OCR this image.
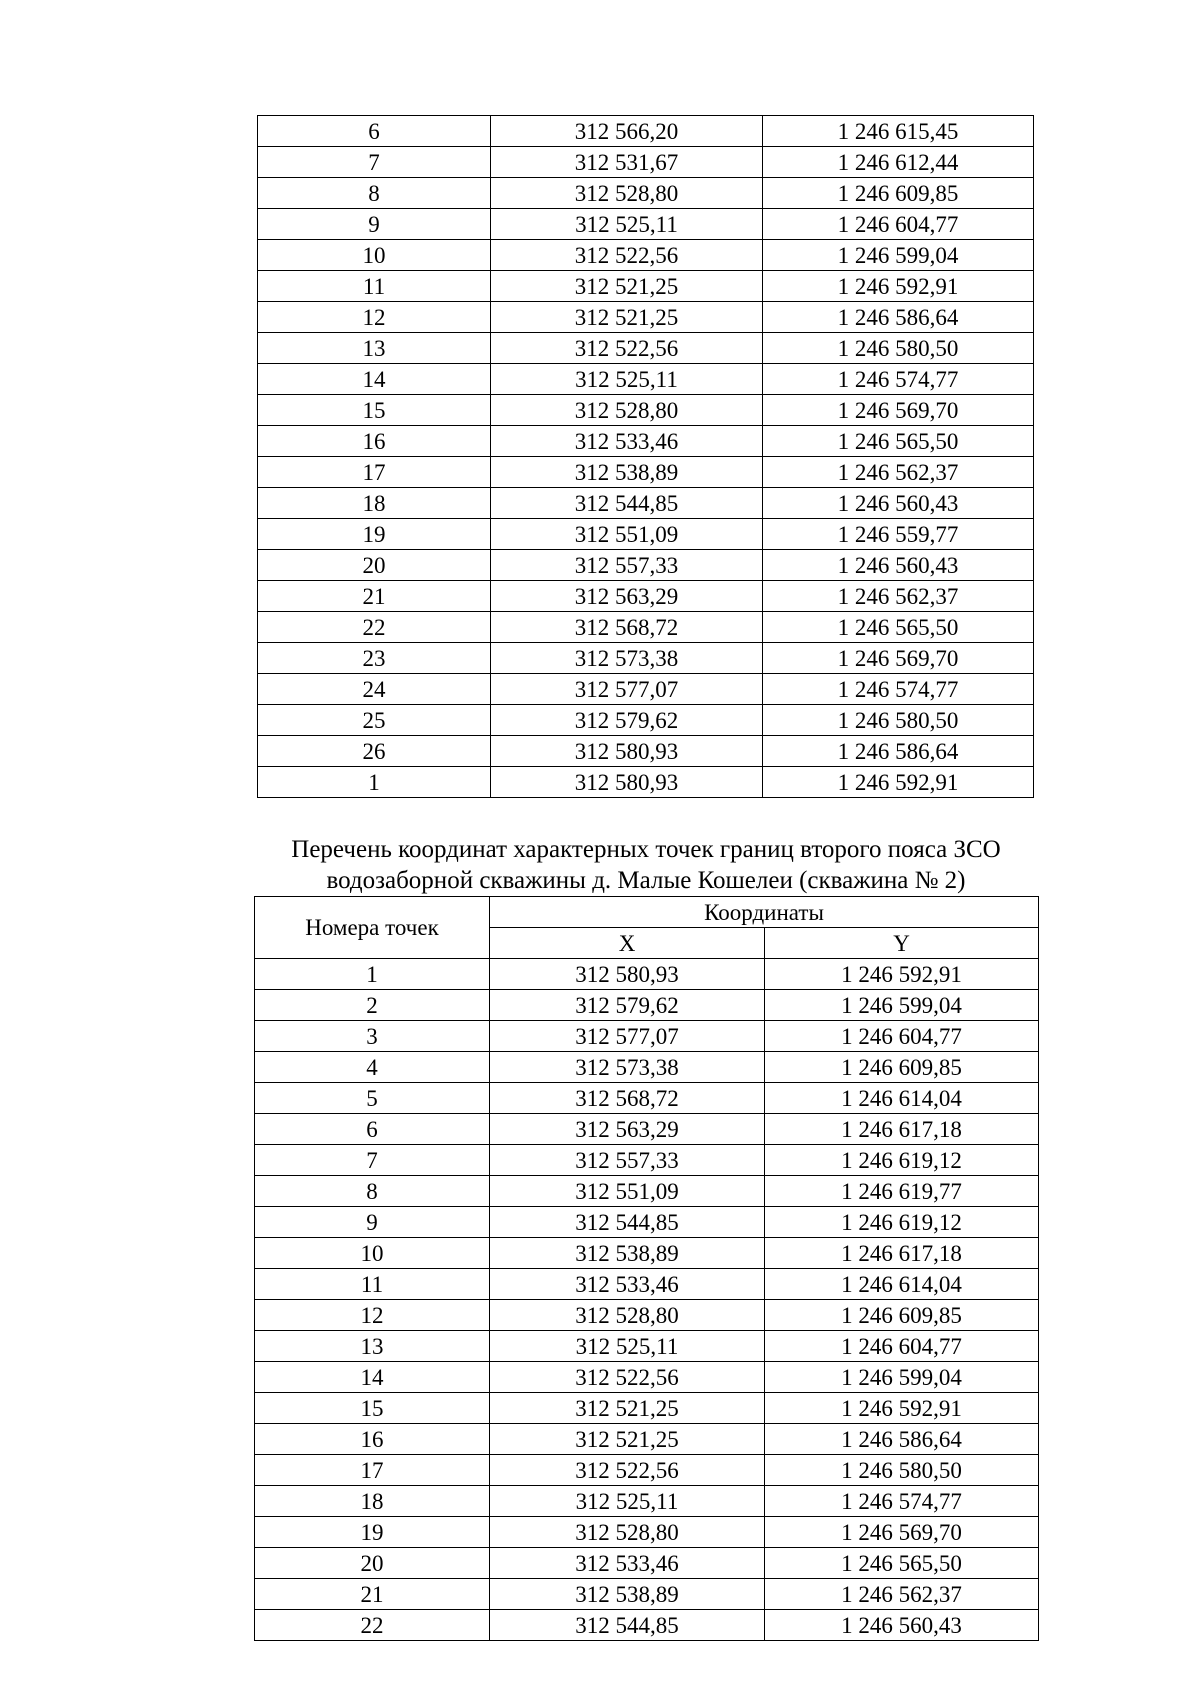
6	312 566,20	1 246 615,45
7	312 531,67	1 246 612,44
8	312 528,80	1 246 609,85
9	312 525,11	1 246 604,77
10	312 522,56	1 246 599,04
11	312 521,25	1 246 592,91
12	312 521,25	1 246 586,64
13	312 522,56	1 246 580,50
14	312 525,11	1 246 574,77
15	312 528,80	1 246 569,70
16	312 533,46	1 246 565,50
17	312 538,89	1 246 562,37
18	312 544,85	1 246 560,43
19	312 551,09	1 246 559,77
20	312 557,33	1 246 560,43
21	312 563,29	1 246 562,37
22	312 568,72	1 246 565,50
23	312 573,38	1 246 569,70
24	312 577,07	1 246 574,77
25	312 579,62	1 246 580,50
26	312 580,93	1 246 586,64
1	312 580,93	1 246 592,91
Перечень координат характерных точек границ второго пояса ЗСО
водозаборной скважины д. Малые Кошелеи (скважина № 2)
Номера точек	Координаты	
	X	Y
1	312 580,93	1 246 592,91
2	312 579,62	1 246 599,04
3	312 577,07	1 246 604,77
4	312 573,38	1 246 609,85
5	312 568,72	1 246 614,04
6	312 563,29	1 246 617,18
7	312 557,33	1 246 619,12
8	312 551,09	1 246 619,77
9	312 544,85	1 246 619,12
10	312 538,89	1 246 617,18
11	312 533,46	1 246 614,04
12	312 528,80	1 246 609,85
13	312 525,11	1 246 604,77
14	312 522,56	1 246 599,04
15	312 521,25	1 246 592,91
16	312 521,25	1 246 586,64
17	312 522,56	1 246 580,50
18	312 525,11	1 246 574,77
19	312 528,80	1 246 569,70
20	312 533,46	1 246 565,50
21	312 538,89	1 246 562,37
22	312 544,85	1 246 560,43
